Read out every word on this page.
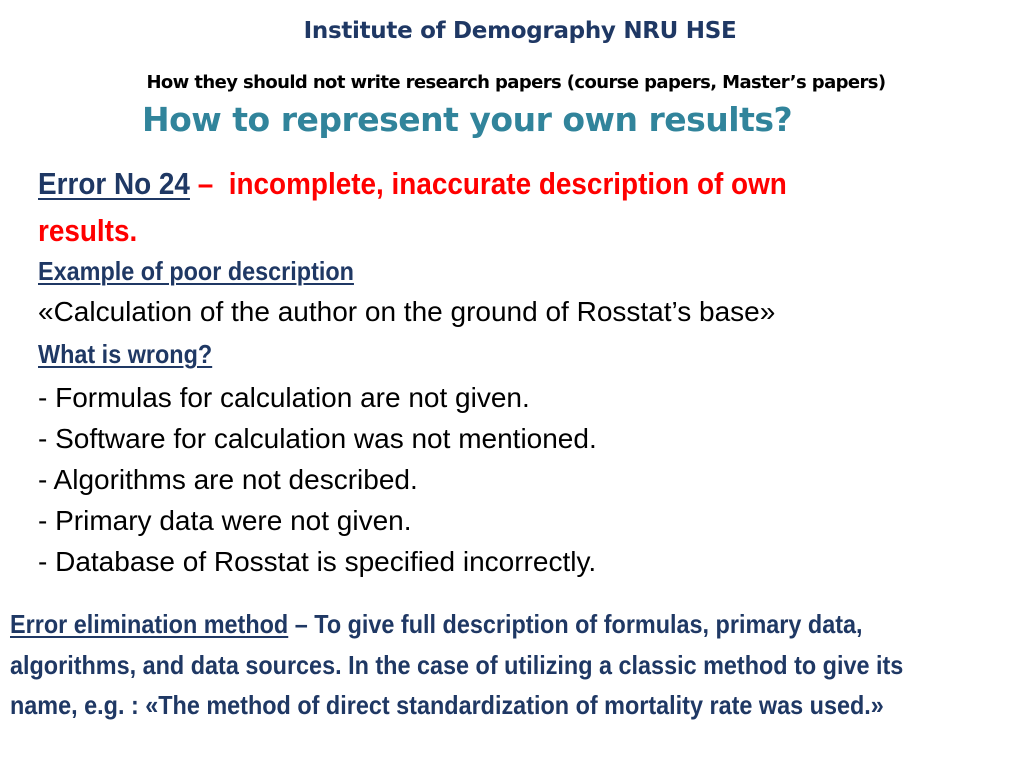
Institute of Demography NRU HSE
How they should not write research papers (course papers, Master’s papers)
How to represent your own results?
Error No 24 –  incomplete, inaccurate description of own results.
Example of poor description
«Calculation of the author on the ground of Rosstat’s base»
What is wrong?
- Formulas for calculation are not given.
- Software for calculation was not mentioned.
- Algorithms are not described.
- Primary data were not given.
- Database of Rosstat is specified incorrectly.
Error elimination method – To give full description of formulas, primary data, algorithms, and data sources. In the case of utilizing a classic method to give its name, e.g. : «The method of direct standardization of mortality rate was used.»
